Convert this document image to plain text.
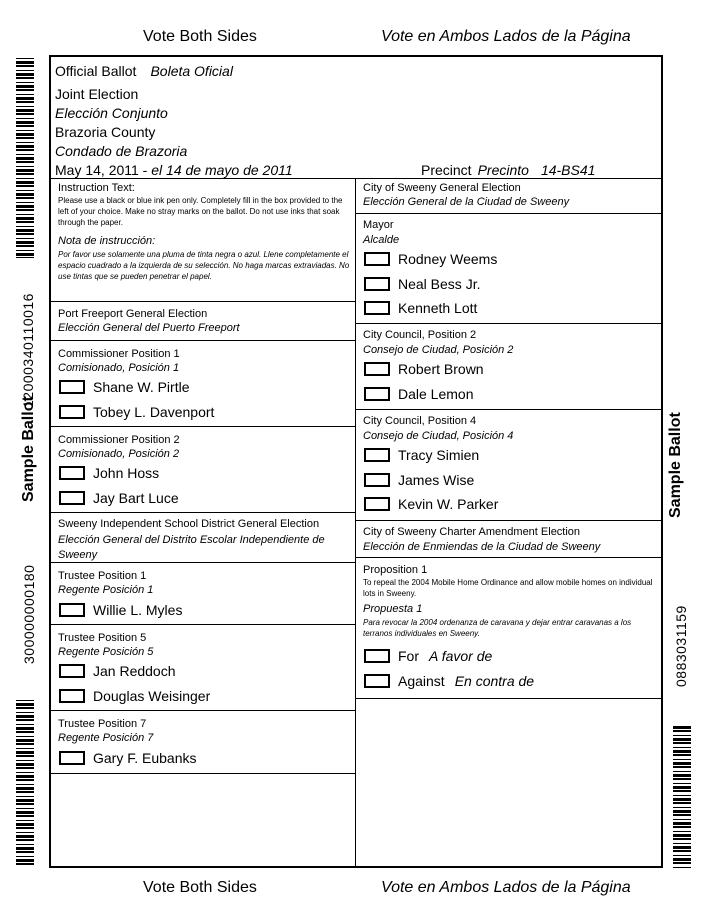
Vote Both Sides	Vote en Ambos Lados de la Página
Sample Ballot
12000340110016
300000000180
Sample Ballot
0883031159
Official Ballot Boleta Oficial
Joint Election
Elección Conjunto
Brazoria County
Condado de Brazoria
May 14, 2011 - el 14 de mayo de 2011	Precinct Precinto 14-BS41
Instruction Text:
Please use a black or blue ink pen only. Completely fill in the box provided to the left of your choice. Make no stray marks on the ballot. Do not use inks that soak through the paper.
Nota de instrucción:
Por favor use solamente una pluma de tinta negra o azul. Llene completamente el espacio cuadrado a la izquierda de su selección. No haga marcas extraviadas. No use tintas que se pueden penetrar el papel.
Port Freeport General Election
Elección General del Puerto Freeport
Commissioner Position 1
Comisionado, Posición 1
Shane W. Pirtle
Tobey L. Davenport
Commissioner Position 2
Comisionado, Posición 2
John Hoss
Jay Bart Luce
Sweeny Independent School District General Election
Elección General del Distrito Escolar Independiente de Sweeny
Trustee Position 1
Regente Posición 1
Willie L. Myles
Trustee Position 5
Regente Posición 5
Jan Reddoch
Douglas Weisinger
Trustee Position 7
Regente Posición 7
Gary F. Eubanks
City of Sweeny General Election
Elección General de la Ciudad de Sweeny
Mayor
Alcalde
Rodney Weems
Neal Bess Jr.
Kenneth Lott
City Council, Position 2
Consejo de Ciudad, Posición 2
Robert Brown
Dale Lemon
City Council, Position 4
Consejo de Ciudad, Posición 4
Tracy Simien
James Wise
Kevin W. Parker
City of Sweeny Charter Amendment Election
Elección de Enmiendas de la Ciudad de Sweeny
Proposition 1
To repeal the 2004 Mobile Home Ordinance and allow mobile homes on individual lots in Sweeny.
Propuesta 1
Para revocar la 2004 ordenanza de caravana y dejar entrar caravanas a los terranos individuales en Sweeny.
For A favor de
Against En contra de
Vote Both Sides	Vote en Ambos Lados de la Página
